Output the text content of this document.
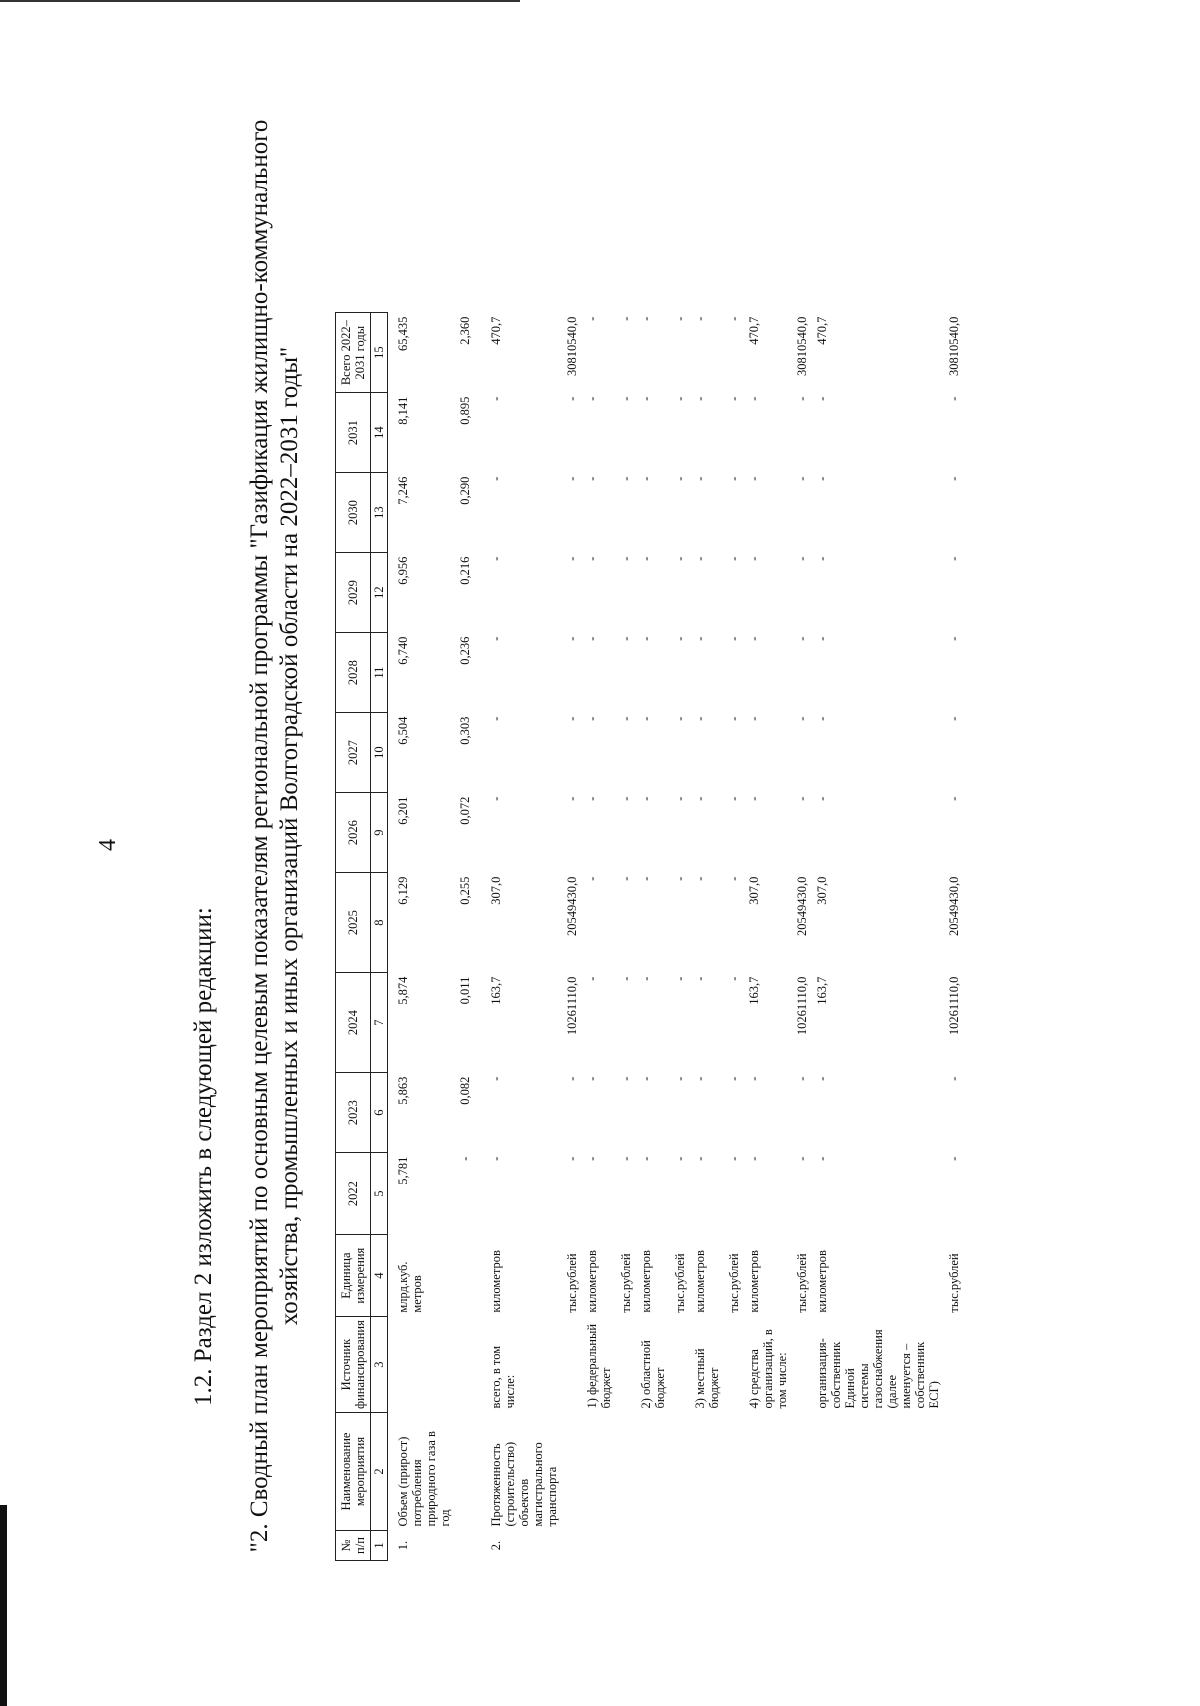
4
1.2. Раздел 2 изложить в следующей редакции: "2. Сводный план мероприятий по основным целевым показателям региональной программы "Газификация жилищно-коммунального хозяйства, промышленных и иных организаций Волгоградской области на 2022–2031 годы"
№ п/п	Наименование мероприятия	Источник финансирования	Единица измерения	2022	2023	2024	2025	2026	2027	2028	2029	2030	2031	Всего 2022–2031 годы
1	2	3	4	5	6	7	8	9	10	11	12	13	14	15
1.	Объем (прирост) потребления природного газа в год		млрд.куб. метров	5,781	5,863	5,874	6,129	6,201	6,504	6,740	6,956	7,246	8,141	65,435
				-	0,082	0,011	0,255	0,072	0,303	0,236	0,216	0,290	0,895	2,360
2.	Протяженность (строительство) объектов магистрального транспорта	всего, в том числе:	километров	-	-	163,7	307,0	-	-	-	-	-	-	470,7
			тыс.рублей	-	-	10261110,0	20549430,0	-	-	-	-	-	-	30810540,0
		1) федеральный бюджет	километров	-	-	-	-	-	-	-	-	-	-	-
			тыс.рублей	-	-	-	-	-	-	-	-	-	-	-
		2) областной бюджет	километров	-	-	-	-	-	-	-	-	-	-	-
			тыс.рублей	-	-	-	-	-	-	-	-	-	-	-
		3) местный бюджет	километров	-	-	-	-	-	-	-	-	-	-	-
			тыс.рублей	-	-	-	-	-	-	-	-	-	-	-
		4) средства организаций, в том числе:	километров	-	-	163,7	307,0	-	-	-	-	-	-	470,7
			тыс.рублей	-	-	10261110,0	20549430,0	-	-	-	-	-	-	30810540,0
		организация-собственник Единой системы газоснабжения (далее именуется – собственник ЕСГ)	километров	-	-	163,7	307,0	-	-	-	-	-	-	470,7
			тыс.рублей	-	-	10261110,0	20549430,0	-	-	-	-	-	-	30810540,0
